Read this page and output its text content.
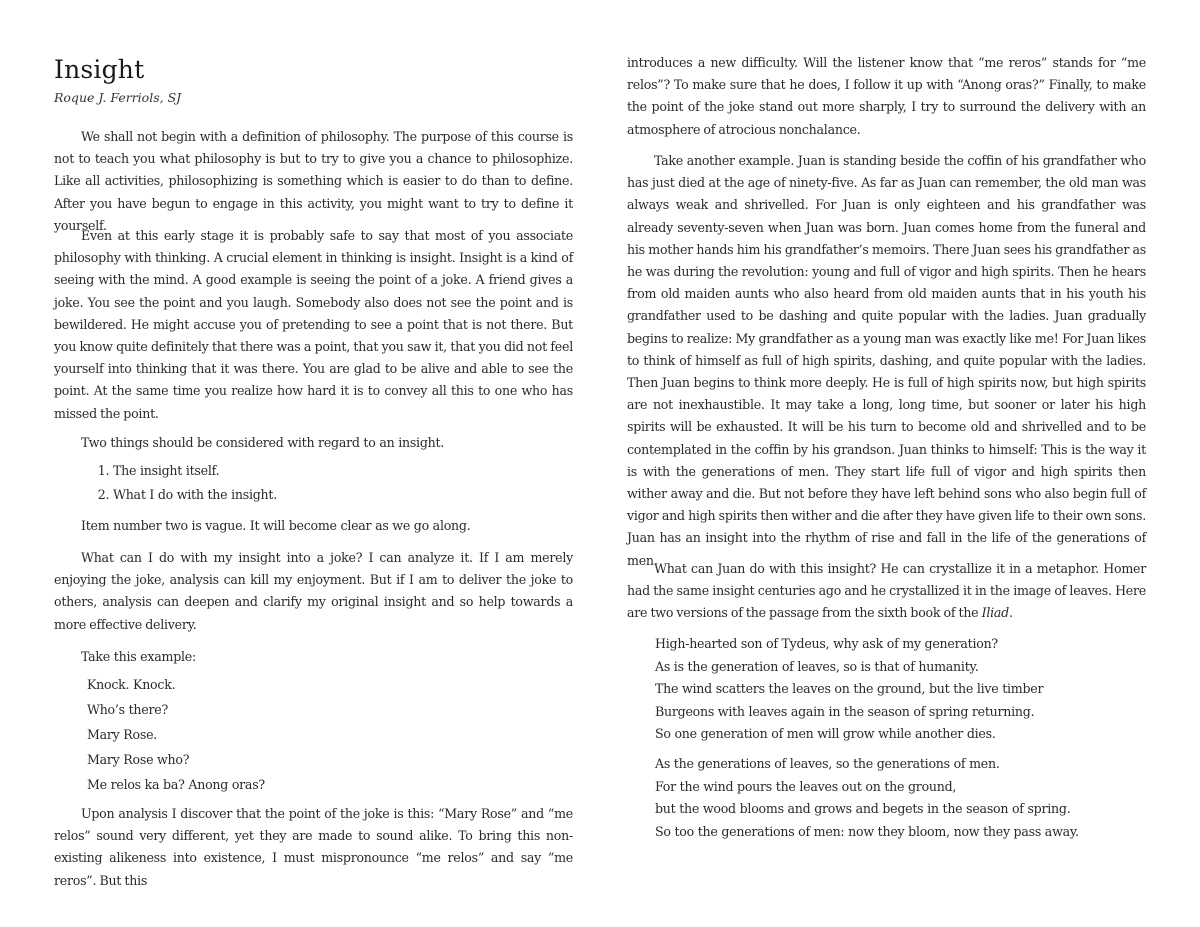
Insight
Roque J. Ferriols, SJ

We shall not begin with a definition of philosophy. The purpose of this course is not to teach you what philosophy is but to try to give you a chance to philosophize. Like all activities, philosophizing is something which is easier to do than to define. After you have begun to engage in this activity, you might want to try to define it yourself.

Even at this early stage it is probably safe to say that most of you associate philosophy with thinking. A crucial element in thinking is insight. Insight is a kind of seeing with the mind. A good example is seeing the point of a joke. A friend gives a joke. You see the point and you laugh. Somebody also does not see the point and is bewildered. He might accuse you of pretending to see a point that is not there. But you know quite definitely that there was a point, that you saw it, that you did not feel yourself into thinking that it was there. You are glad to be alive and able to see the point. At the same time you realize how hard it is to convey all this to one who has missed the point.

Two things should be considered with regard to an insight.

1. The insight itself.
2. What I do with the insight.

Item number two is vague. It will become clear as we go along.

What can I do with my insight into a joke? I can analyze it. If I am merely enjoying the joke, analysis can kill my enjoyment. But if I am to deliver the joke to others, analysis can deepen and clarify my original insight and so help towards a more effective delivery.

Take this example:

Knock. Knock.
Who’s there?
Mary Rose.
Mary Rose who?
Me relos ka ba? Anong oras?

Upon analysis I discover that the point of the joke is this: “Mary Rose” and “me relos” sound very different, yet they are made to sound alike. To bring this non-existing alikeness into existence, I must mispronounce “me relos” and say “me reros”. But this

introduces a new difficulty. Will the listener know that “me reros” stands for “me relos”? To make sure that he does, I follow it up with “Anong oras?” Finally, to make the point of the joke stand out more sharply, I try to surround the delivery with an atmosphere of atrocious nonchalance.

Take another example. Juan is standing beside the coffin of his grandfather who has just died at the age of ninety-five. As far as Juan can remember, the old man was always weak and shrivelled. For Juan is only eighteen and his grandfather was already seventy-seven when Juan was born. Juan comes home from the funeral and his mother hands him his grandfather’s memoirs. There Juan sees his grandfather as he was during the revolution: young and full of vigor and high spirits. Then he hears from old maiden aunts who also heard from old maiden aunts that in his youth his grandfather used to be dashing and quite popular with the ladies. Juan gradually begins to realize: My grandfather as a young man was exactly like me! For Juan likes to think of himself as full of high spirits, dashing, and quite popular with the ladies. Then Juan begins to think more deeply. He is full of high spirits now, but high spirits are not inexhaustible. It may take a long, long time, but sooner or later his high spirits will be exhausted. It will be his turn to become old and shrivelled and to be contemplated in the coffin by his grandson. Juan thinks to himself: This is the way it is with the generations of men. They start life full of vigor and high spirits then wither away and die. But not before they have left behind sons who also begin full of vigor and high spirits then wither and die after they have given life to their own sons. Juan has an insight into the rhythm of rise and fall in the life of the generations of men.

What can Juan do with this insight? He can crystallize it in a metaphor. Homer had the same insight centuries ago and he crystallized it in the image of leaves. Here are two versions of the passage from the sixth book of the Iliad.

High-hearted son of Tydeus, why ask of my generation?
As is the generation of leaves, so is that of humanity.
The wind scatters the leaves on the ground, but the live timber
Burgeons with leaves again in the season of spring returning.
So one generation of men will grow while another dies.
As the generations of leaves, so the generations of men.
For the wind pours the leaves out on the ground,
but the wood blooms and grows and begets in the season of spring.
So too the generations of men: now they bloom, now they pass away.
